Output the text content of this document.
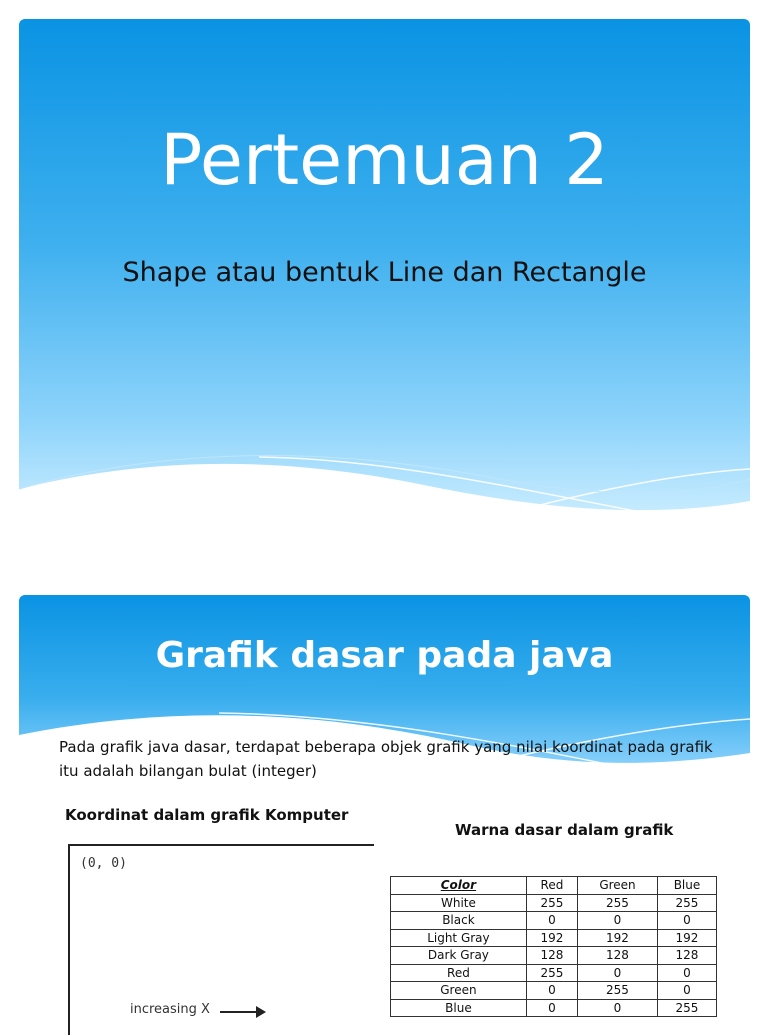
Pertemuan 2

Shape atau bentuk Line dan Rectangle

Grafik dasar pada java

Pada grafik java dasar, terdapat beberapa objek grafik yang nilai koordinat pada grafik itu adalah bilangan bulat (integer)

Koordinat dalam grafik Komputer

Warna dasar dalam grafik

(0, 0)
increasing X
Color	Red	Green	Blue
White	255	255	255
Black	0	0	0
Light Gray	192	192	192
Dark Gray	128	128	128
Red	255	0	0
Green	0	255	0
Blue	0	0	255
